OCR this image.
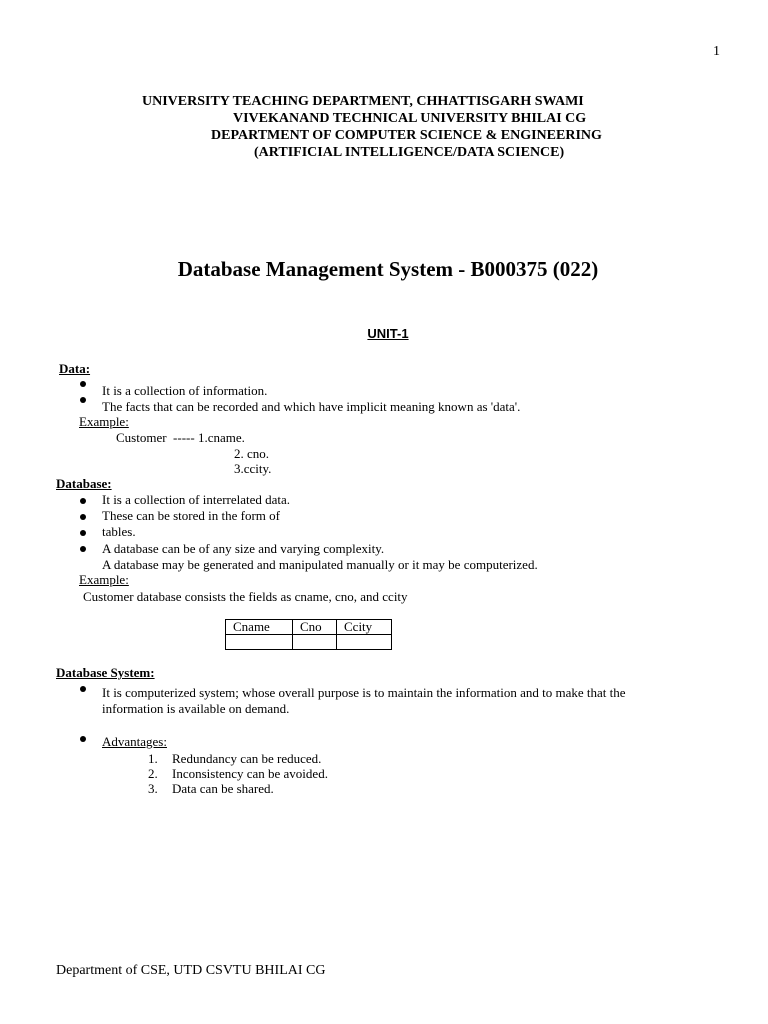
1
UNIVERSITY TEACHING DEPARTMENT, CHHATTISGARH SWAMI
VIVEKANAND TECHNICAL UNIVERSITY BHILAI CG
DEPARTMENT OF COMPUTER SCIENCE & ENGINEERING
(ARTIFICIAL INTELLIGENCE/DATA SCIENCE)
Database Management System - B000375 (022)
UNIT-1
Data:
It is a collection of information.
The facts that can be recorded and which have implicit meaning known as 'data'.
Example:
Customer  ----- 1.cname.
2. cno.
3.ccity.
Database:
It is a collection of interrelated data.
These can be stored in the form of
tables.
A database can be of any size and varying complexity.
A database may be generated and manipulated manually or it may be computerized.
Example:
Customer database consists the fields as cname, cno, and ccity
Cname	Cno	Ccity

Database System:
It is computerized system; whose overall purpose is to maintain the information and to make that the
information is available on demand.
Advantages:
1. Redundancy can be reduced.
2. Inconsistency can be avoided.
3. Data can be shared.
Department of CSE, UTD CSVTU BHILAI CG
